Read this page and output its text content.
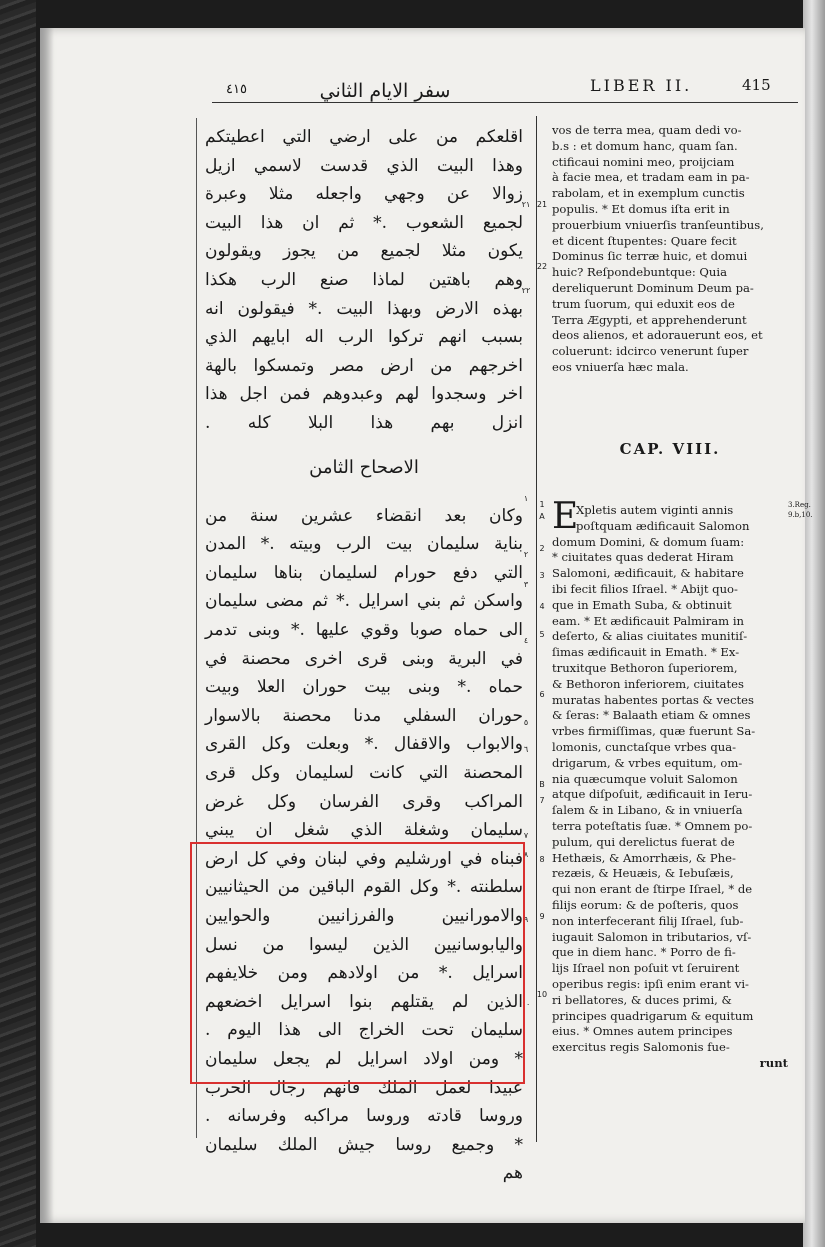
٤١٥	سفر الايام الثاني	LIBER II.	415
اقلعكم من على ارضي التي اعطيتكم
وهذا البيت الذي قدست لاسمي ازيل
زوالا عن وجهي واجعله مثلا وعبرة
لجميع الشعوب .* ثم ان هذا البيت
يكون مثلا لجميع من يجوز ويقولون
وهم باهتين لماذا صنع الرب هكذا
بهذه الارض وبهذا البيت .* فيقولون انه
بسبب انهم تركوا الرب اله ابايهم الذي
اخرجهم من ارض مصر وتمسكوا بالهة
اخر وسجدوا لهم وعبدوهم فمن اجل هذا
انزل بهم هذا البلا كله .
الاصحاح الثامن
وكان بعد انقضاء عشرين سنة من
بناية سليمان بيت الرب وبيته .* المدن
التي دفع حورام لسليمان بناها سليمان
واسكن ثم بني اسرايل .* ثم مضى سليمان
الى حماه صوبا وقوي عليها .* وبنى تدمر
في البرية وبنى قرى اخرى محصنة في
حماه .* وبنى بيت حوران العلا وبيت
حوران السفلي مدنا محصنة بالاسوار
والابواب والاقفال .* وبعلت وكل القرى
المحصنة التي كانت لسليمان وكل قرى
المراكب وقرى الفرسان وكل غرض
سليمان وشغلة الذي شغل ان يبني
فبناه في اورشليم وفي لبنان وفي كل ارض
سلطنته .* وكل القوم الباقين من الحيثانيين
والامورانيين والفرزانيين والحوايين
واليابوسانيين الذين ليسوا من نسل
اسرايل .* من اولادهم ومن خلايفهم
الذين لم يقتلهم بنوا اسرايل اخضعهم
سليمان تحت الخراج الى هذا اليوم .
* ومن اولاد اسرايل لم يجعل سليمان
عبيدا لعمل الملك فانهم رجال الحرب
وروسا قادته وروسا مراكبه وفرسانه .
* وجميع روسا جيش الملك سليمان
هم
vos de terra mea, quam dedi vo-
b.s : et domum hanc, quam ſan.
ctificaui nomini meo, proijciam
à facie mea, et tradam eam in pa-
rabolam, et in exemplum cunctis
populis. * Et domus iſta erit in
prouerbium vniuerſis tranſeuntibus,
et dicent ſtupentes: Quare fecit
Dominus ſic terræ huic, et domui
huic? Reſpondebuntque: Quia
dereliquerunt Dominum Deum pa-
trum ſuorum, qui eduxit eos de
Terra Ægypti, et apprehenderunt
deos alienos, et adorauerunt eos, et
coluerunt: idcirco venerunt ſuper
eos vniuerſa hæc mala.
CAP. VIII.
Xpletis autem viginti annis
poſtquam ædificauit Salomon
domum Domini, & domum ſuam:
* ciuitates quas dederat Hiram
Salomoni, ædificauit, & habitare
ibi fecit filios Iſrael. * Abijt quo-
que in Emath Suba, & obtinuit
eam. * Et ædificauit Palmiram in
deſerto, & alias ciuitates munitiſ-
ſimas ædificauit in Emath. * Ex-
truxitque Bethoron ſuperiorem,
& Bethoron inferiorem, ciuitates
muratas habentes portas & vectes
& ſeras: * Balaath etiam & omnes
vrbes firmiſſimas, quæ fuerunt Sa-
lomonis, cunctaſque vrbes qua-
drigarum, & vrbes equitum, om-
nia quæcumque voluit Salomon
atque diſpoſuit, ædificauit in Ieru-
ſalem & in Libano, & in vniuerſa
terra poteſtatis ſuæ. * Omnem po-
pulum, qui derelictus fuerat de
Hethæis, & Amorrhæis, & Phe-
rezæis, & Heuæis, & Iebuſæis,
qui non erant de ſtirpe Iſrael, * de
filijs eorum: & de poſteris, quos
non interfecerant filij Iſrael, ſub-
iugauit Salomon in tributarios, vſ-
que in diem hanc. * Porro de fi-
lijs Iſrael non poſuit vt ſeruirent
operibus regis: ipſi enim erant vi-
ri bellatores, & duces primi, &
principes quadrigarum & equitum
eius. * Omnes autem principes
exercitus regis Salomonis fue-
runt
E	3.Reg. 9.b,10.
٢١
٢٢
١
٢
٣
٤
٥
٦
٧
٨
٩
١٠
21
22
1
A
2
3
4
5
6
B
7
8
9
10
